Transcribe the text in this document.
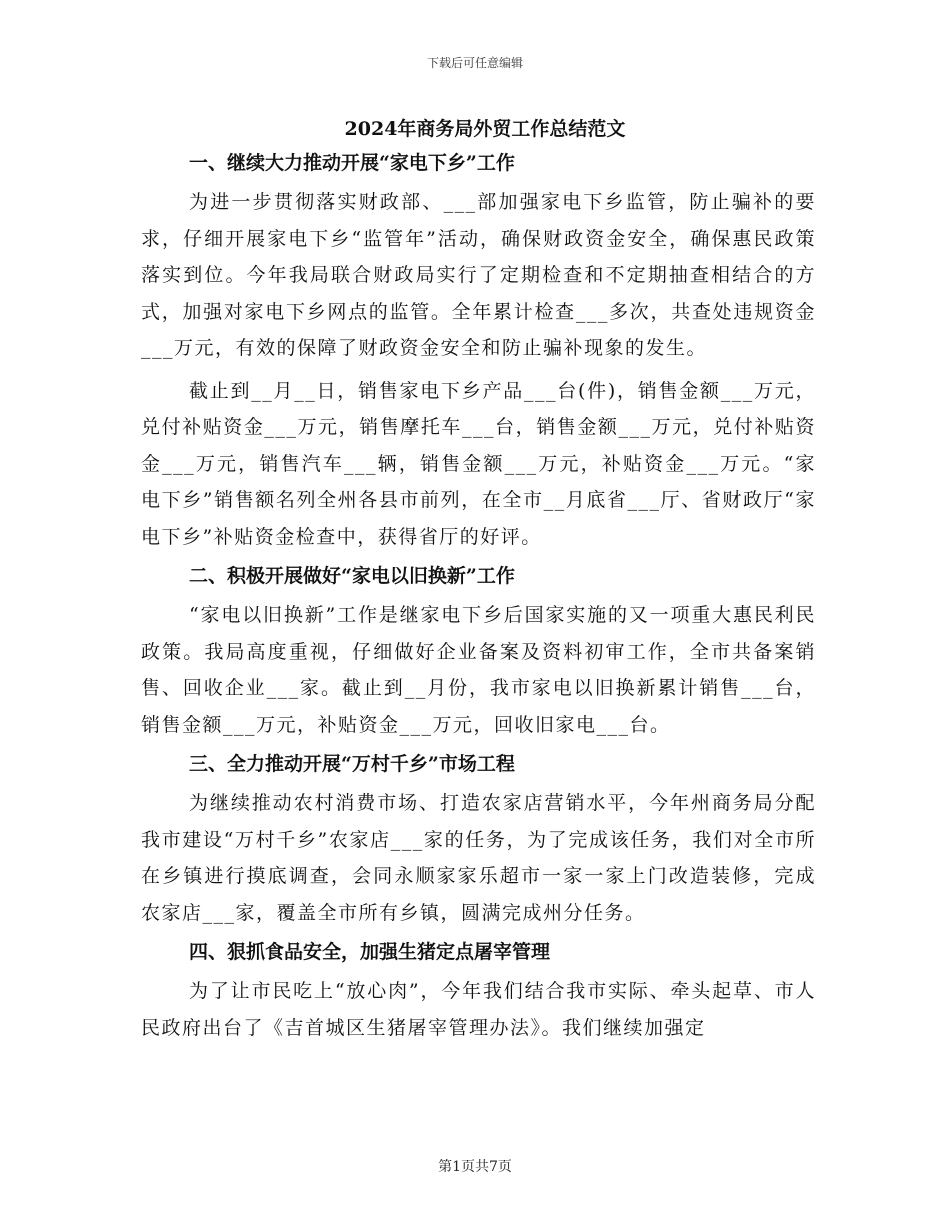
下载后可任意编辑
2024年商务局外贸工作总结范文
一、继续大力推动开展“家电下乡”工作

为进一步贯彻落实财政部、___部加强家电下乡监管，防止骗补的要求，仔细开展家电下乡“监管年”活动，确保财政资金安全，确保惠民政策落实到位。今年我局联合财政局实行了定期检查和不定期抽查相结合的方式，加强对家电下乡网点的监管。全年累计检查___多次，共查处违规资金___万元，有效的保障了财政资金安全和防止骗补现象的发生。

截止到__月__日，销售家电下乡产品___台(件)，销售金额___万元，兑付补贴资金___万元，销售摩托车___台，销售金额___万元，兑付补贴资金___万元，销售汽车___辆，销售金额___万元，补贴资金___万元。“家电下乡”销售额名列全州各县市前列，在全市__月底省___厅、省财政厅“家电下乡”补贴资金检查中，获得省厅的好评。

二、积极开展做好“家电以旧换新”工作

“家电以旧换新”工作是继家电下乡后国家实施的又一项重大惠民利民政策。我局高度重视，仔细做好企业备案及资料初审工作，全市共备案销售、回收企业___家。截止到__月份，我市家电以旧换新累计销售___台，销售金额___万元，补贴资金___万元，回收旧家电___台。

三、全力推动开展“万村千乡”市场工程

为继续推动农村消费市场、打造农家店营销水平，今年州商务局分配我市建设“万村千乡”农家店___家的任务，为了完成该任务，我们对全市所在乡镇进行摸底调查，会同永顺家家乐超市一家一家上门改造装修，完成农家店___家，覆盖全市所有乡镇，圆满完成州分任务。

四、狠抓食品安全，加强生猪定点屠宰管理

为了让市民吃上“放心肉”，今年我们结合我市实际、牵头起草、市人民政府出台了《吉首城区生猪屠宰管理办法》。我们继续加强定

第1页共7页
